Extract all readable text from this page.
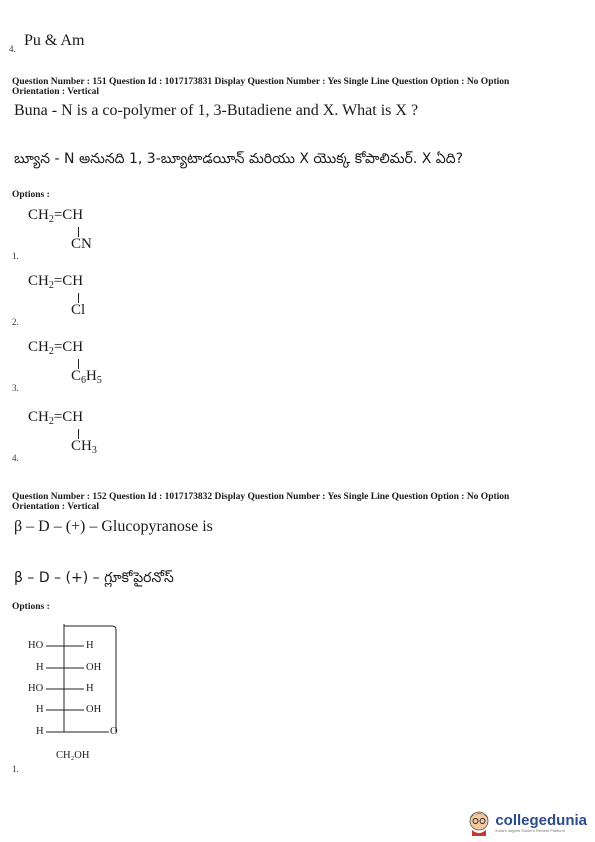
4. Pu & Am
Question Number : 151 Question Id : 1017173831 Display Question Number : Yes Single Line Question Option : No Option
Orientation : Vertical
Buna - N is a co-polymer of 1, 3-Butadiene and X. What is X ?
బ్యూన - N అనునది 1, 3-బ్యూటాడయీన్ మరియు X యొక్క కోపాలిమర్. X ఏది?
Options :
1.
$CH_2=CH$
CN
2.
$CH_2=CH$
Cl
3.
$CH_2=CH$
$C_6H_5$
4.
$CH_2=CH$
$CH_3$
Question Number : 152 Question Id : 1017173832 Display Question Number : Yes Single Line Question Option : No Option
Orientation : Vertical
β – D – (+) – Glucopyranose is
β – D – (+) – గ్లూకోపైరనోస్
Options :
HO	H
H	OH
HO	H
H	OH
H	O
CH₂OH
1.
collegedunia
India's largest Student Review Platform
